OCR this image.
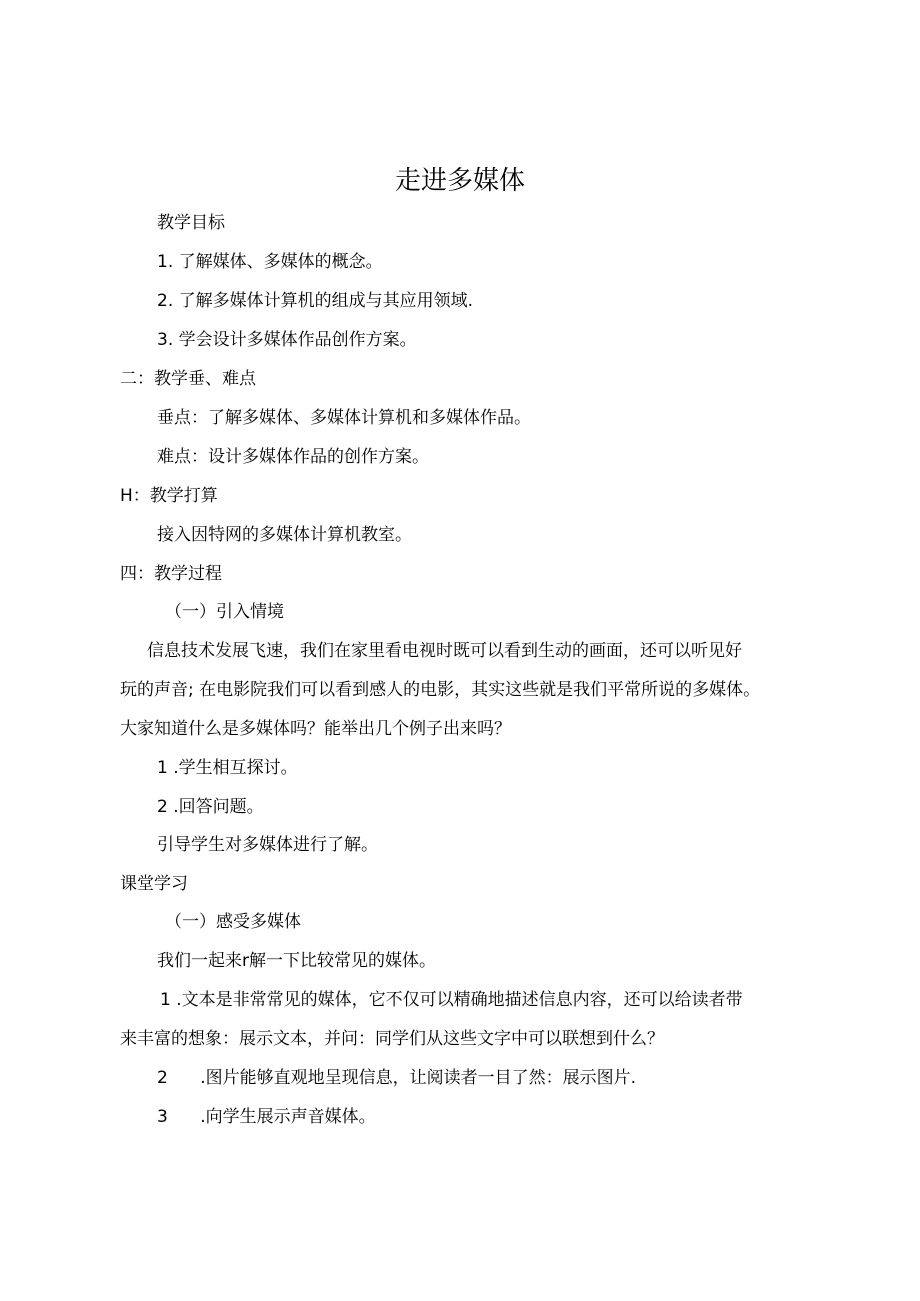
走进多媒体
教学目标
1. 了解媒体、多媒体的概念。
2. 了解多媒体计算机的组成与其应用领域.
3. 学会设计多媒体作品创作方案。
二：教学垂、难点
垂点：了解多媒体、多媒体计算机和多媒体作品。
难点：设计多媒体作品的创作方案。
H：教学打算
接入因特网的多媒体计算机教室。
四：教学过程
（一）引入情境
信息技术发展飞速，我们在家里看电视时既可以看到生动的画面，还可以听见好
玩的声音; 在电影院我们可以看到感人的电影，其实这些就是我们平常所说的多媒体。
大家知道什么是多媒体吗？能举出几个例子出来吗？
1 .学生相互探讨。
2 .回答问题。
引导学生对多媒体进行了解。
课堂学习
（一）感受多媒体
我们一起来r解一下比较常见的媒体。
1 .文本是非常常见的媒体，它不仅可以精确地描述信息内容，还可以给读者带
来丰富的想象：展示文本，并问：同学们从这些文字中可以联想到什么？
2      .图片能够直观地呈现信息，让阅读者一目了然：展示图片.
3      .向学生展示声音媒体。
